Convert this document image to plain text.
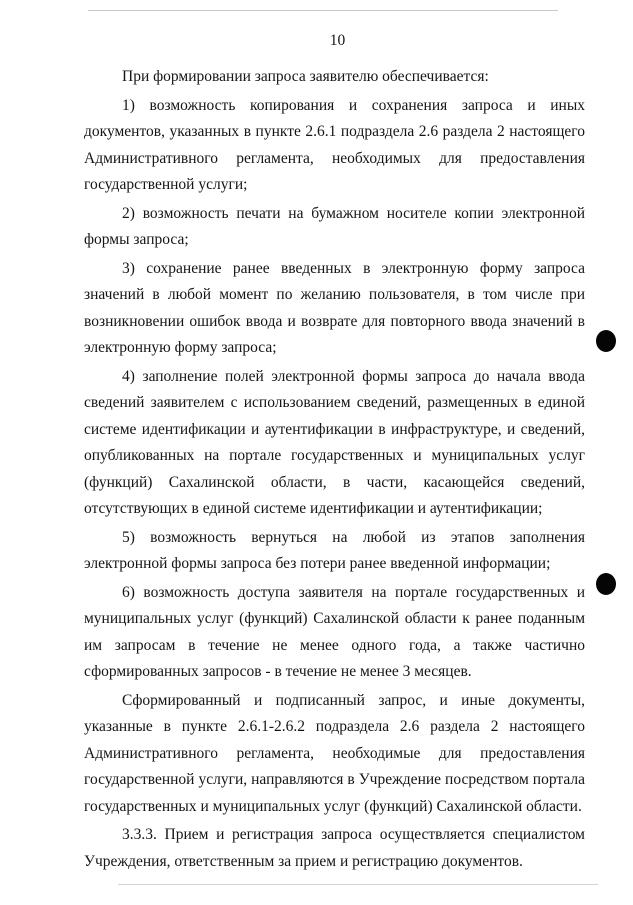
10

При формировании запроса заявителю обеспечивается:

1) возможность копирования и сохранения запроса и иных документов, указанных в пункте 2.6.1 подраздела 2.6 раздела 2 настоящего Административного регламента, необходимых для предоставления государственной услуги;

2) возможность печати на бумажном носителе копии электронной формы запроса;

3) сохранение ранее введенных в электронную форму запроса значений в любой момент по желанию пользователя, в том числе при возникновении ошибок ввода и возврате для повторного ввода значений в электронную форму запроса;

4) заполнение полей электронной формы запроса до начала ввода сведений заявителем с использованием сведений, размещенных в единой системе идентификации и аутентификации в инфраструктуре, и сведений, опубликованных на портале государственных и муниципальных услуг (функций) Сахалинской области, в части, касающейся сведений, отсутствующих в единой системе идентификации и аутентификации;

5) возможность вернуться на любой из этапов заполнения электронной формы запроса без потери ранее введенной информации;

6) возможность доступа заявителя на портале государственных и муниципальных услуг (функций) Сахалинской области к ранее поданным им запросам в течение не менее одного года, а также частично сформированных запросов - в течение не менее 3 месяцев.

Сформированный и подписанный запрос, и иные документы, указанные в пункте 2.6.1-2.6.2 подраздела 2.6 раздела 2 настоящего Административного регламента, необходимые для предоставления государственной услуги, направляются в Учреждение посредством портала государственных и муниципальных услуг (функций) Сахалинской области.

3.3.3. Прием и регистрация запроса осуществляется специалистом Учреждения, ответственным за прием и регистрацию документов.
